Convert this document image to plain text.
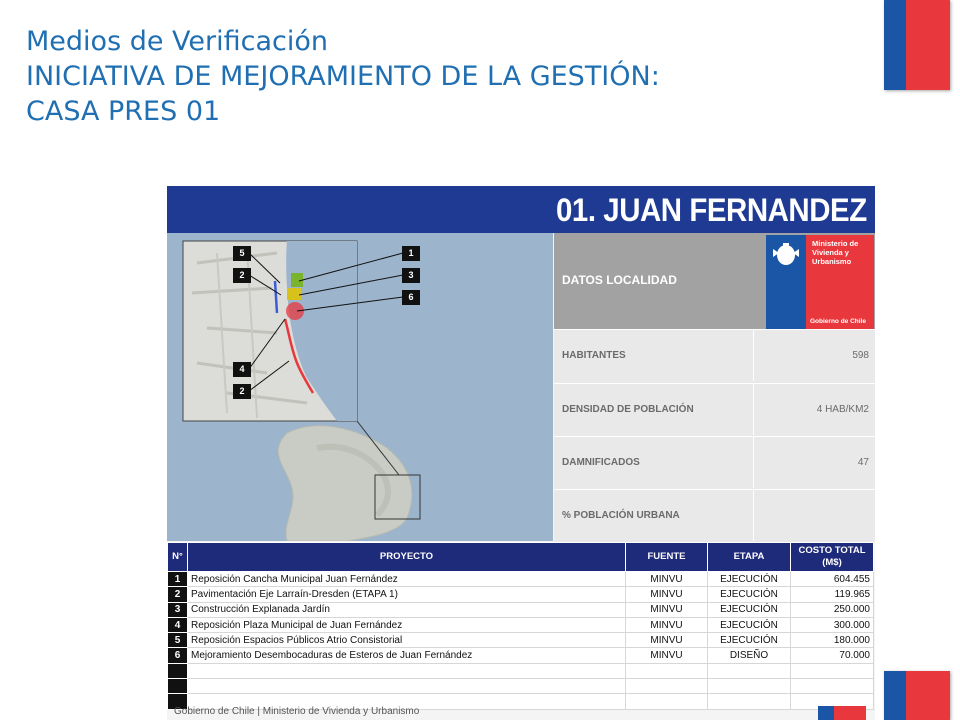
Medios de Verificación
INICIATIVA DE MEJORAMIENTO DE LA GESTIÓN:
CASA PRES 01
01. JUAN FERNANDEZ
5
2
4
2
1
3
6
DATOS LOCALIDAD
Ministerio de
Vivienda y
Urbanismo
Gobierno de Chile
HABITANTES	598
DENSIDAD DE POBLACIÓN	4 HAB/KM2
DAMNIFICADOS	47
% POBLACIÓN URBANA
N°	PROYECTO	FUENTE	ETAPA	COSTO TOTAL (M$)
1	Reposición Cancha Municipal Juan Fernández	MINVU	EJECUCIÓN	604.455
2	Pavimentación Eje Larraín-Dresden (ETAPA 1)	MINVU	EJECUCIÓN	119.965
3	Construcción Explanada Jardín	MINVU	EJECUCIÓN	250.000
4	Reposición Plaza Municipal de Juan Fernández	MINVU	EJECUCIÓN	300.000
5	Reposición Espacios Públicos Atrio Consistorial	MINVU	EJECUCIÓN	180.000
6	Mejoramiento Desembocaduras de Esteros de Juan Fernández	MINVU	DISEÑO	70.000

Gobierno de Chile | Ministerio de Vivienda y Urbanismo
